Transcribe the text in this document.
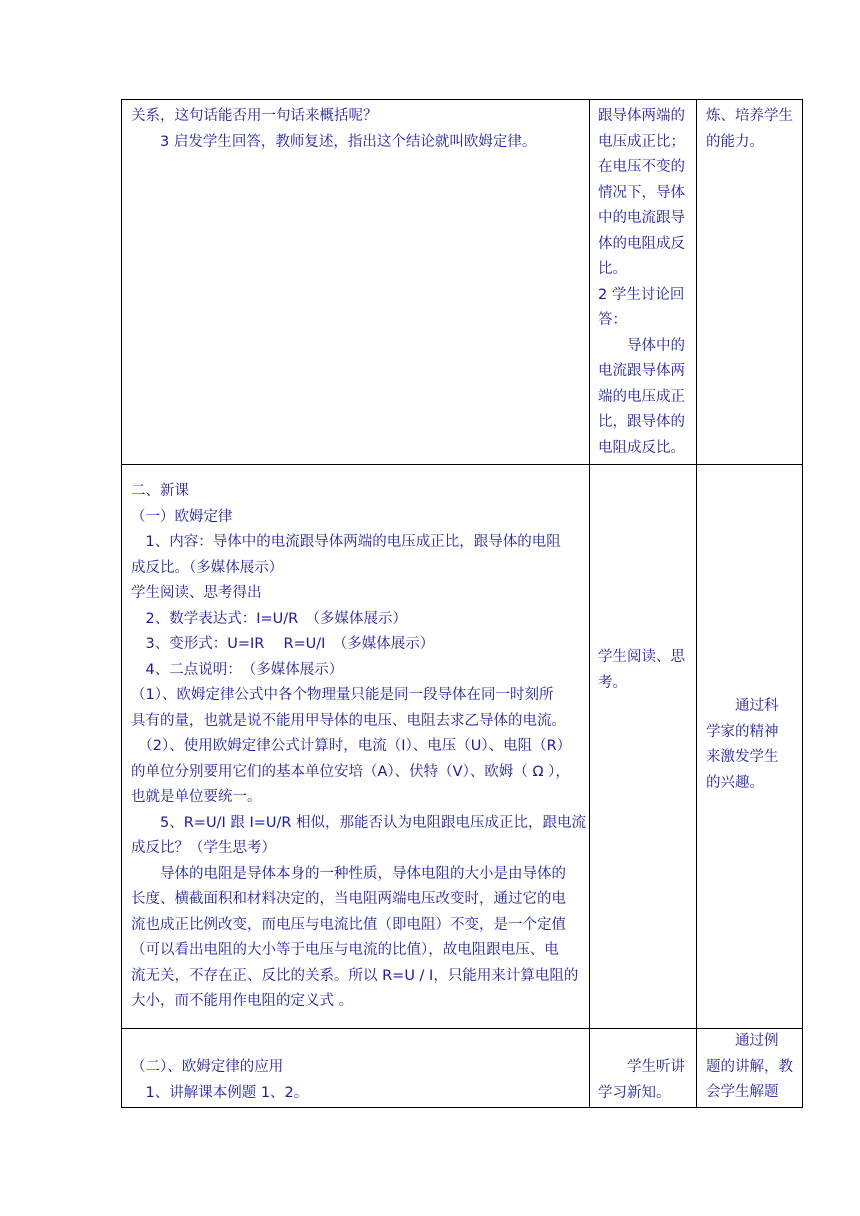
关系，这句话能否用一句话来概括呢？
　　3 启发学生回答，教师复述，指出这个结论就叫欧姆定律。
跟导体两端的
电压成正比；
在电压不变的
情况下，导体
中的电流跟导
体的电阻成反
比。
2 学生讨论回
答：
　　导体中的
电流跟导体两
端的电压成正
比，跟导体的
电阻成反比。
炼、培养学生
的能力。
二、新课
（一）欧姆定律
　1、内容：导体中的电流跟导体两端的电压成正比，跟导体的电阻
成反比。（多媒体展示）
学生阅读、思考得出
　2、数学表达式：I=U/R　（多媒体展示）
　3、变形式：U=IR　 R=U/I　（多媒体展示）
　4、二点说明：　（多媒体展示）
（1）、欧姆定律公式中各个物理量只能是同一段导体在同一时刻所
具有的量，也就是说不能用甲导体的电压、电阻去求乙导体的电流。
　（2）、使用欧姆定律公式计算时，电流（I）、电压（U）、电阻（R）
的单位分别要用它们的基本单位安培（A）、伏特（V）、欧姆（ Ω ），
也就是单位要统一。
　　5、R=U/I 跟 I=U/R 相似，那能否认为电阻跟电压成正比，跟电流
成反比？（学生思考）
　　导体的电阻是导体本身的一种性质，导体电阻的大小是由导体的
长度、横截面积和材料决定的，当电阻两端电压改变时，通过它的电
流也成正比例改变，而电压与电流比值（即电阻）不变，是一个定值
（可以看出电阻的大小等于电压与电流的比值），故电阻跟电压、电
流无关，不存在正、反比的关系。所以 R=U / I，只能用来计算电阻的
大小，而不能用作电阻的定义式 。
学生阅读、思
考。
　　通过科
学家的精神
来激发学生
的兴趣。
（二）、欧姆定律的应用
　1、讲解课本例题 1、2。
　　学生听讲
学习新知。
　　通过例
题的讲解，教
会学生解题
